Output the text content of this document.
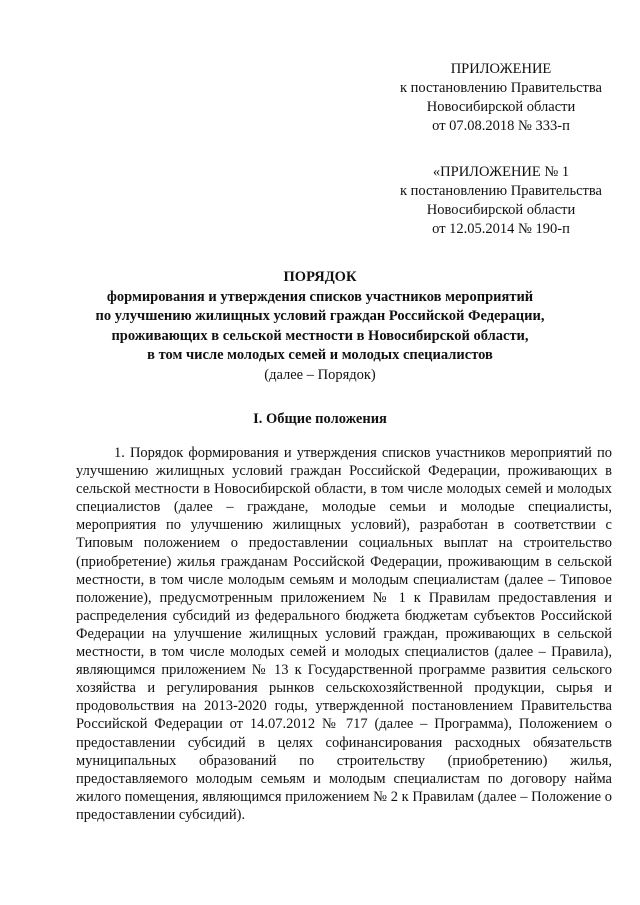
ПРИЛОЖЕНИЕ
к постановлению Правительства
Новосибирской области
от 07.08.2018 № 333-п
«ПРИЛОЖЕНИЕ № 1
к постановлению Правительства
Новосибирской области
от 12.05.2014 № 190-п
ПОРЯДОК
формирования и утверждения списков участников мероприятий
по улучшению жилищных условий граждан Российской Федерации,
проживающих в сельской местности в Новосибирской области,
в том числе молодых семей и молодых специалистов
(далее – Порядок)
I. Общие положения

1. Порядок формирования и утверждения списков участников мероприятий по улучшению жилищных условий граждан Российской Федерации, проживающих в сельской местности в Новосибирской области, в том числе молодых семей и молодых специалистов (далее – граждане, молодые семьи и молодые специалисты, мероприятия по улучшению жилищных условий), разработан в соответствии с Типовым положением о предоставлении социальных выплат на строительство (приобретение) жилья гражданам Российской Федерации, проживающим в сельской местности, в том числе молодым семьям и молодым специалистам (далее – Типовое положение), предусмотренным приложением № 1 к Правилам предоставления и распределения субсидий из федерального бюджета бюджетам субъектов Российской Федерации на улучшение жилищных условий граждан, проживающих в сельской местности, в том числе молодых семей и молодых специалистов (далее – Правила), являющимся приложением № 13 к Государственной программе развития сельского хозяйства и регулирования рынков сельскохозяйственной продукции, сырья и продовольствия на 2013-2020 годы, утвержденной постановлением Правительства Российской Федерации от 14.07.2012 № 717 (далее – Программа), Положением о предоставлении субсидий в целях софинансирования расходных обязательств муниципальных образований по строительству (приобретению) жилья, предоставляемого молодым семьям и молодым специалистам по договору найма жилого помещения, являющимся приложением № 2 к Правилам (далее – Положение о предоставлении субсидий).
